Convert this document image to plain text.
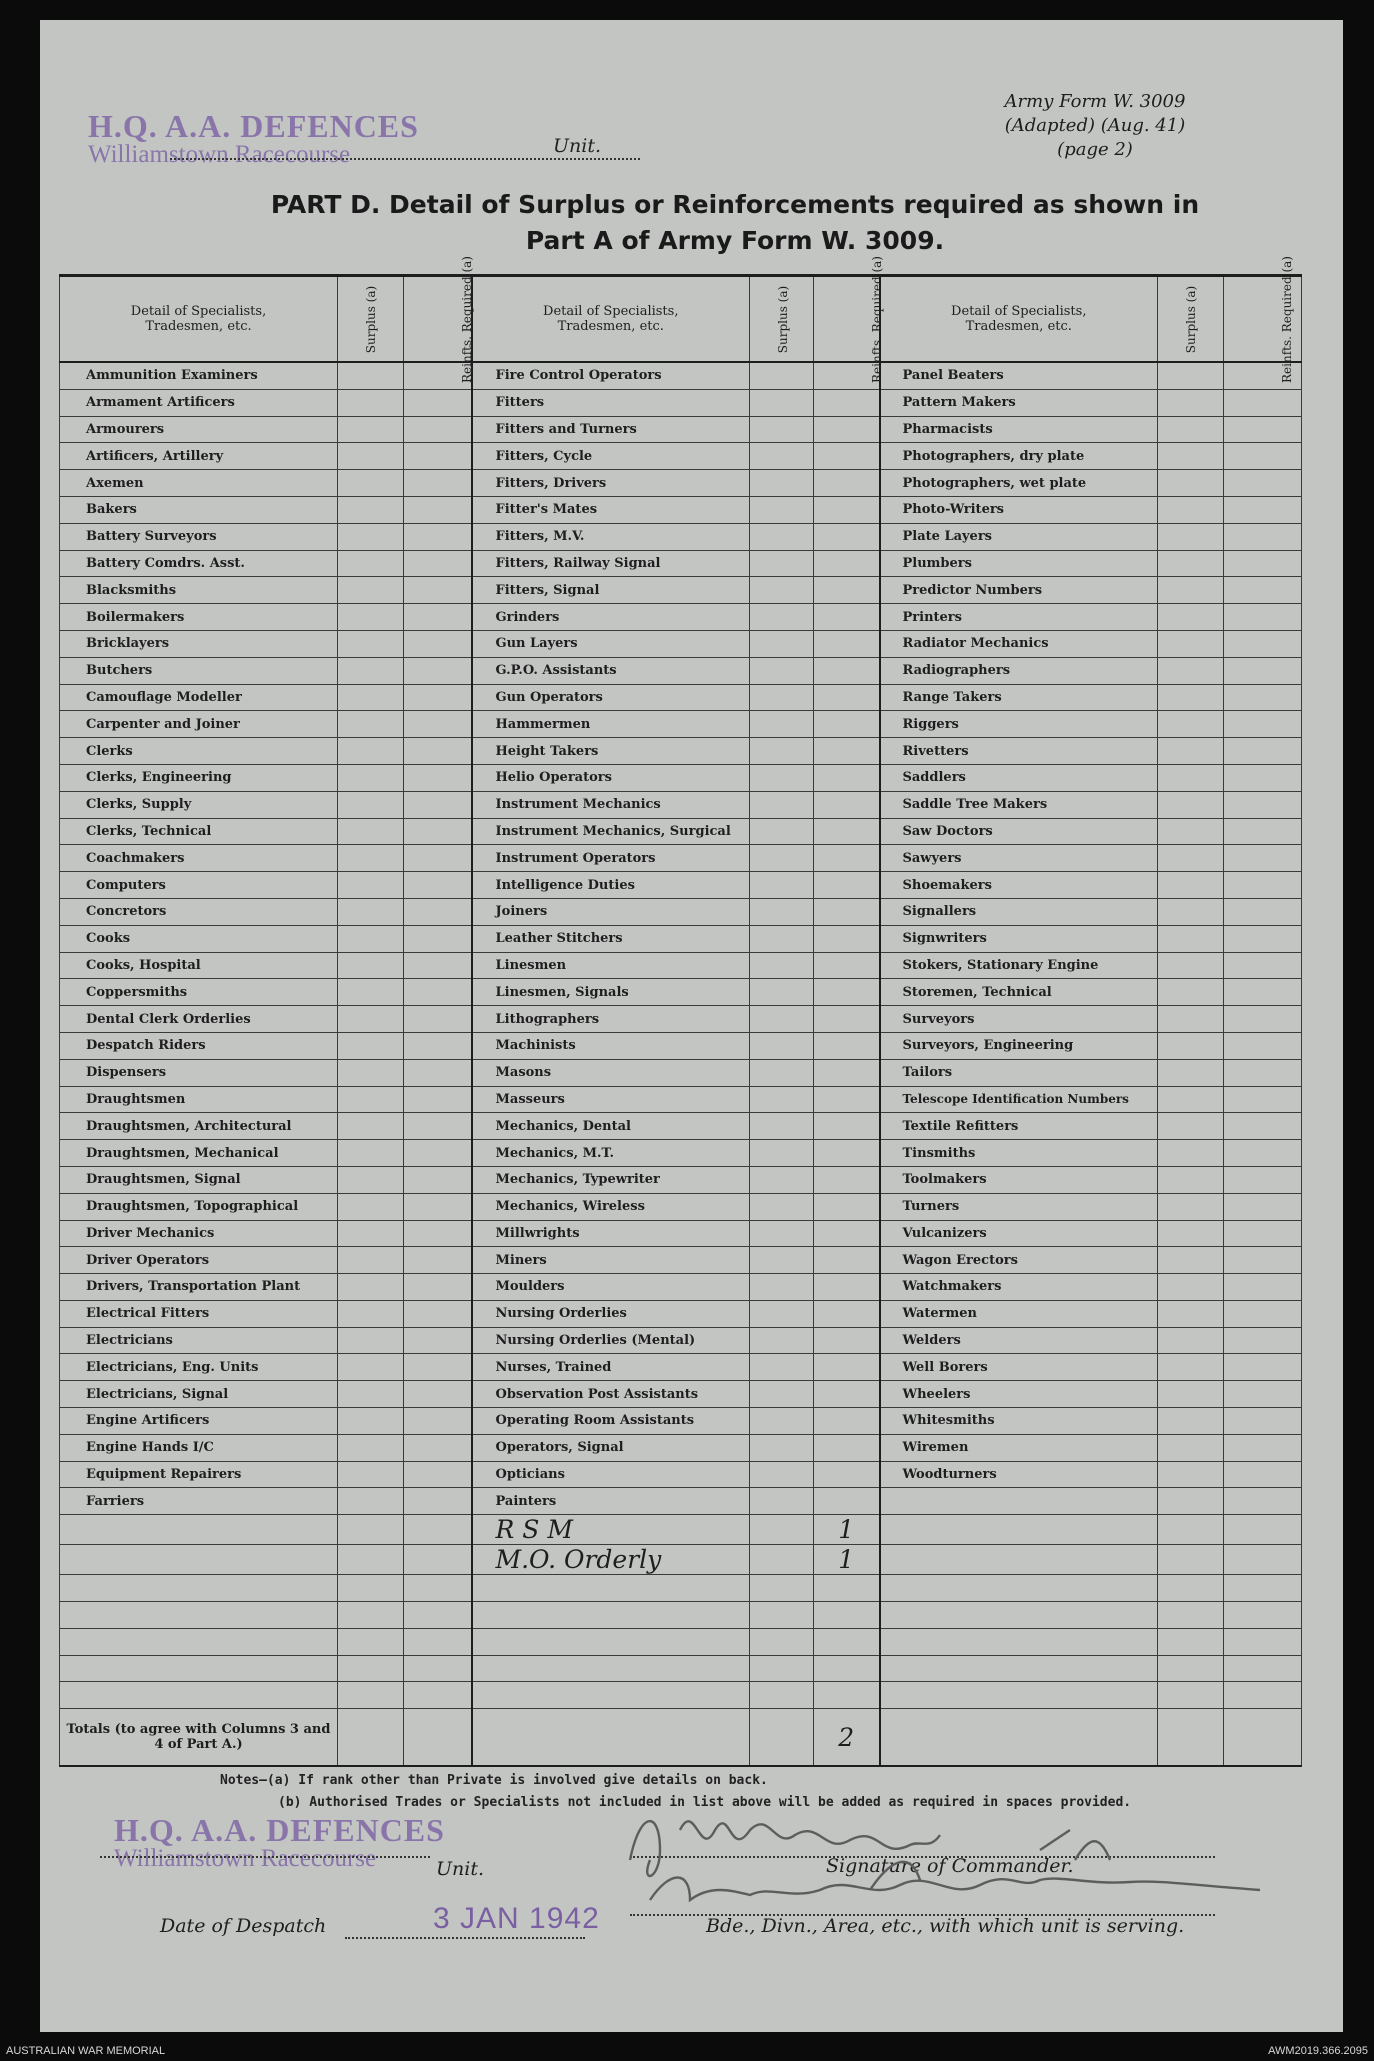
Army Form W. 3009
(Adapted) (Aug. 41)
(page 2)
H.Q. A.A. DEFENCES
Williamstown Racecourse	Unit.
PART D. Detail of Surplus or Reinforcements required as shown in
Part A of Army Form W. 3009.
Detail of Specialists, Tradesmen, etc.	Surplus (a)	Reinfts. Required (a)	Detail of Specialists, Tradesmen, etc.	Surplus (a)	Reinfts. Required (a)	Detail of Specialists, Tradesmen, etc.	Surplus (a)	Reinfts. Required (a)
Ammunition Examiners			Fire Control Operators			Panel Beaters		
Armament Artificers			Fitters			Pattern Makers		
Armourers			Fitters and Turners			Pharmacists		
Artificers, Artillery			Fitters, Cycle			Photographers, dry plate		
Axemen			Fitters, Drivers			Photographers, wet plate		
Bakers			Fitter's Mates			Photo-Writers		
Battery Surveyors			Fitters, M.V.			Plate Layers		
Battery Comdrs. Asst.			Fitters, Railway Signal			Plumbers		
Blacksmiths			Fitters, Signal			Predictor Numbers		
Boilermakers			Grinders			Printers		
Bricklayers			Gun Layers			Radiator Mechanics		
Butchers			G.P.O. Assistants			Radiographers		
Camouflage Modeller			Gun Operators			Range Takers		
Carpenter and Joiner			Hammermen			Riggers		
Clerks			Height Takers			Rivetters		
Clerks, Engineering			Helio Operators			Saddlers		
Clerks, Supply			Instrument Mechanics			Saddle Tree Makers		
Clerks, Technical			Instrument Mechanics, Surgical			Saw Doctors		
Coachmakers			Instrument Operators			Sawyers		
Computers			Intelligence Duties			Shoemakers		
Concretors			Joiners			Signallers		
Cooks			Leather Stitchers			Signwriters		
Cooks, Hospital			Linesmen			Stokers, Stationary Engine		
Coppersmiths			Linesmen, Signals			Storemen, Technical		
Dental Clerk Orderlies			Lithographers			Surveyors		
Despatch Riders			Machinists			Surveyors, Engineering		
Dispensers			Masons			Tailors		
Draughtsmen			Masseurs			Telescope Identification Numbers		
Draughtsmen, Architectural			Mechanics, Dental			Textile Refitters		
Draughtsmen, Mechanical			Mechanics, M.T.			Tinsmiths		
Draughtsmen, Signal			Mechanics, Typewriter			Toolmakers		
Draughtsmen, Topographical			Mechanics, Wireless			Turners		
Driver Mechanics			Millwrights			Vulcanizers		
Driver Operators			Miners			Wagon Erectors		
Drivers, Transportation Plant			Moulders			Watchmakers		
Electrical Fitters			Nursing Orderlies			Watermen		
Electricians			Nursing Orderlies (Mental)			Welders		
Electricians, Eng. Units			Nurses, Trained			Well Borers		
Electricians, Signal			Observation Post Assistants			Wheelers		
Engine Artificers			Operating Room Assistants			Whitesmiths		
Engine Hands I/C			Operators, Signal			Wiremen		
Equipment Repairers			Opticians			Woodturners		
Farriers			Painters					
			R S M		1			
			M.O. Orderly		1			

Totals (to agree with Columns 3 and 4 of Part A.)					2			
Notes—(a) If rank other than Private is involved give details on back.
(b) Authorised Trades or Specialists not included in list above will be added as required in spaces provided.
H.Q. A.A. DEFENCES
Williamstown Racecourse	Unit.	Signature of Commander.
Date of Despatch	3 JAN 1942	Bde., Divn., Area, etc., with which unit is serving.
AUSTRALIAN WAR MEMORIAL	AWM2019.366.2095
